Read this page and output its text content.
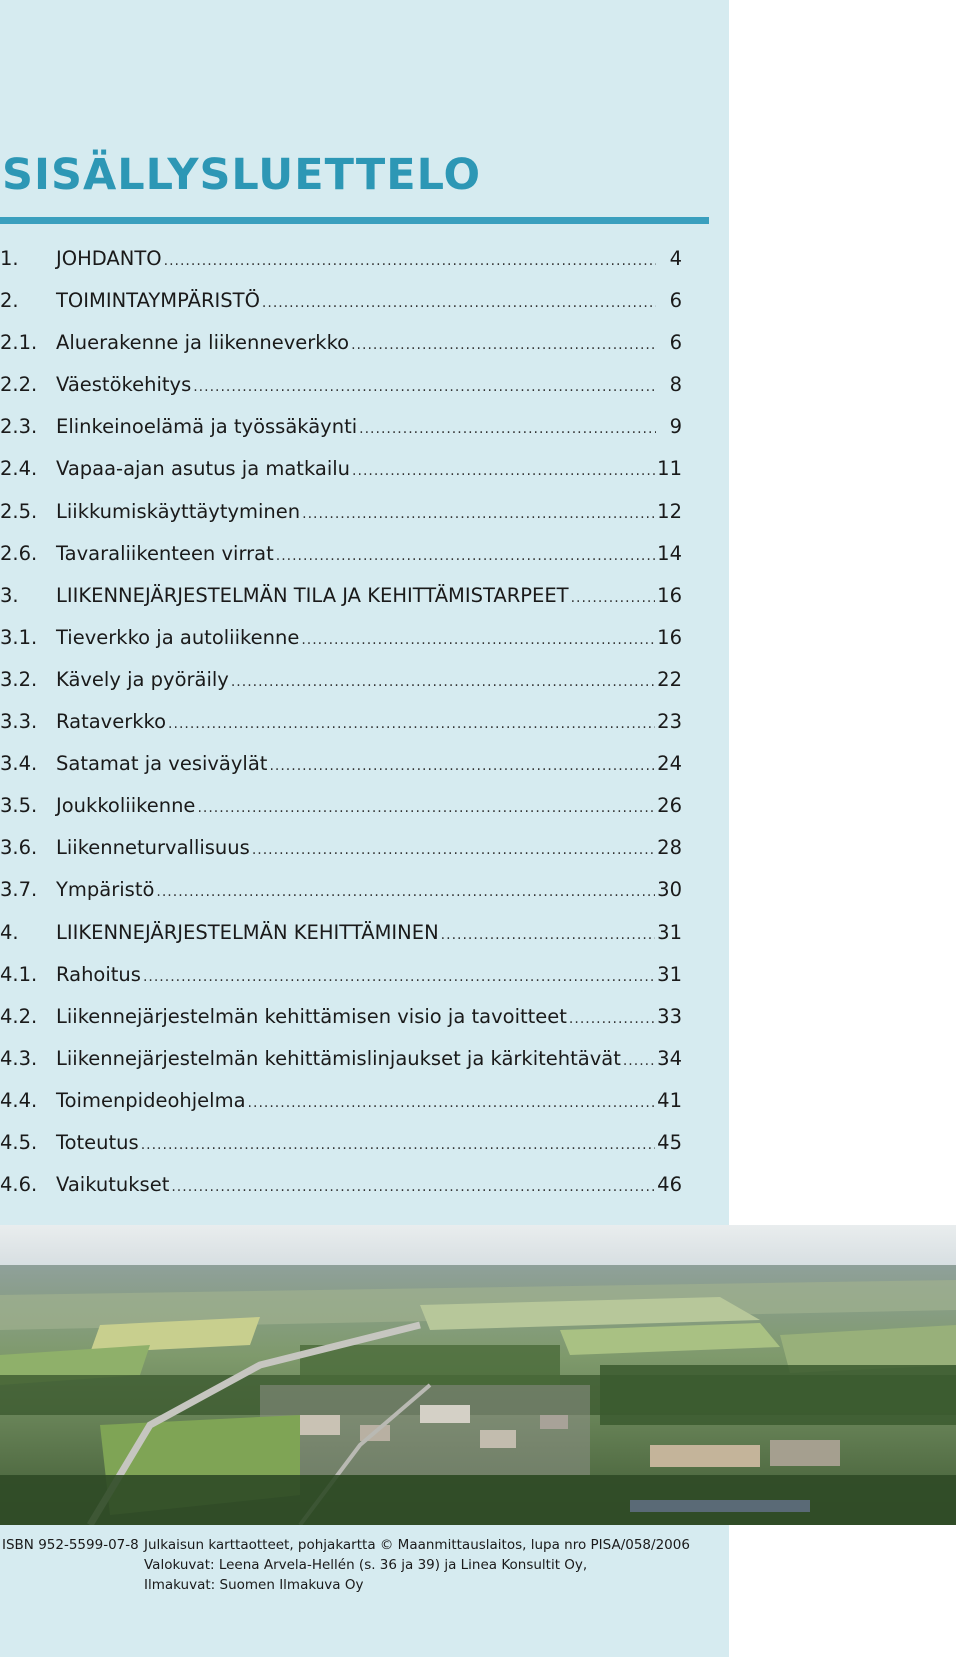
SISÄLLYSLUETTELO
1.	JOHDANTO .....	4
2.	TOIMINTAYMPÄRISTÖ .....	6
2.1. Aluerakenne ja liikenneverkko .....	6
2.2. Väestökehitys .....	8
2.3. Elinkeinoelämä ja työssäkäynti .....	9
2.4. Vapaa-ajan asutus ja matkailu .....	11
2.5. Liikkumiskäyttäytyminen .....	12
2.6. Tavaraliikenteen virrat .....	14
3.	LIIKENNEJÄRJESTELMÄN TILA JA KEHITTÄMISTARPEET .....	16
3.1. Tieverkko ja autoliikenne .....	16
3.2. Kävely ja pyöräily .....	22
3.3. Rataverkko .....	23
3.4. Satamat ja vesiväylät .....	24
3.5. Joukkoliikenne .....	26
3.6. Liikenneturvallisuus .....	28
3.7. Ympäristö .....	30
4.	LIIKENNEJÄRJESTELMÄN KEHITTÄMINEN .....	31
4.1. Rahoitus .....	31
4.2. Liikennejärjestelmän kehittämisen visio ja tavoitteet .....	33
4.3. Liikennejärjestelmän kehittämislinjaukset ja kärkitehtävät ..... 34
4.4. Toimenpideohjelma .....	41
4.5. Toteutus .....	45
4.6. Vaikutukset .....	46
ISBN 952-5599-07-8 Julkaisun karttaotteet, pohjakartta © Maanmittauslaitos, lupa nro PISA/058/2006
Valokuvat: Leena Arvela-Hellén (s. 36 ja 39) ja Linea Konsultit Oy,
Ilmakuvat: Suomen Ilmakuva Oy
